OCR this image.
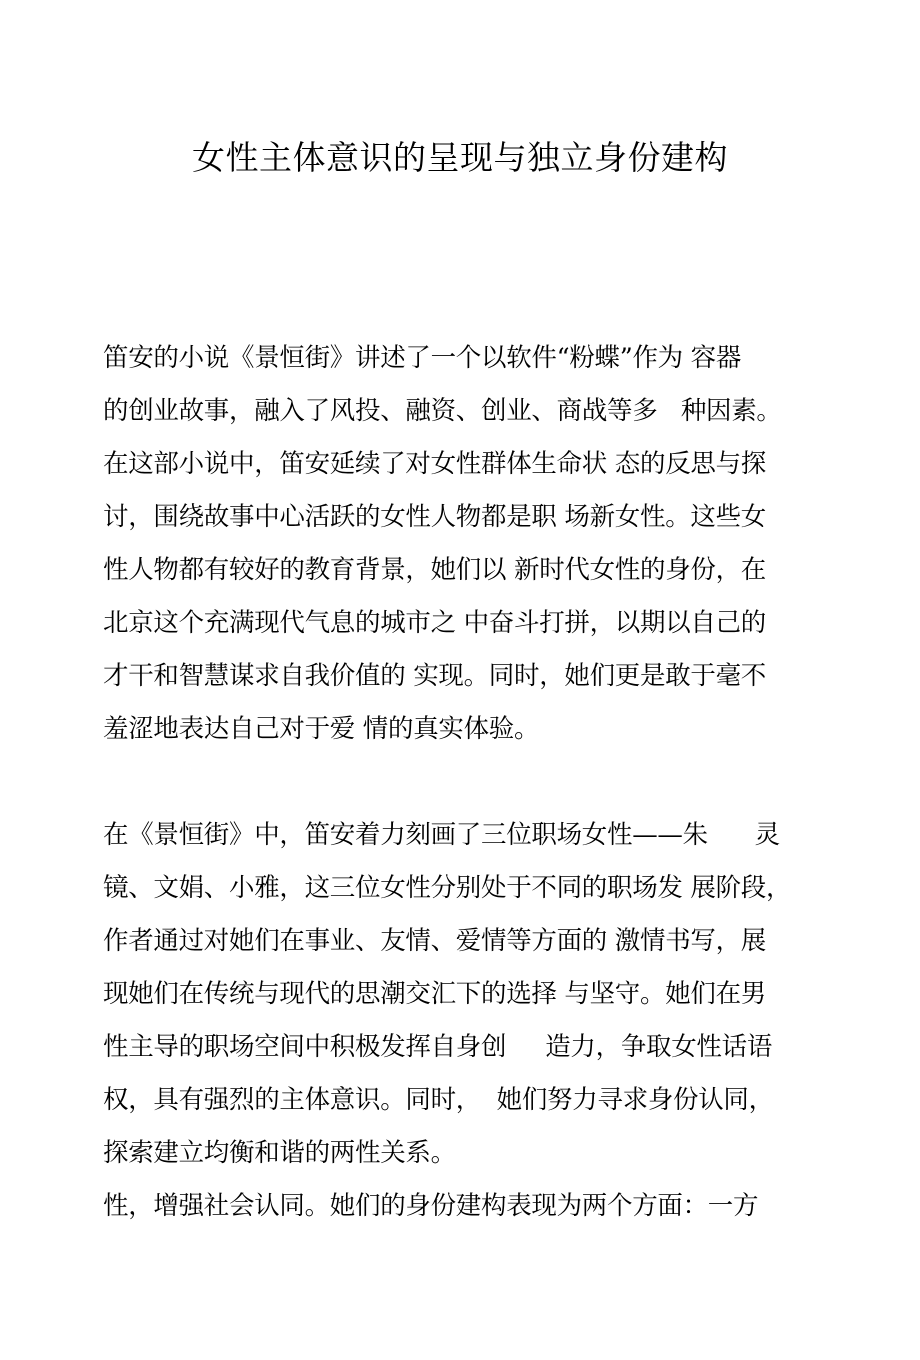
女性主体意识的呈现与独立身份建构
笛安的小说《景恒街》讲述了一个以软件“粉蝶”作为 容器
的创业故事，融入了风投、融资、创业、商战等多   种因素。
在这部小说中，笛安延续了对女性群体生命状 态的反思与探
讨，围绕故事中心活跃的女性人物都是职 场新女性。这些女
性人物都有较好的教育背景，她们以 新时代女性的身份，在
北京这个充满现代气息的城市之 中奋斗打拼，以期以自己的
才干和智慧谋求自我价值的 实现。同时，她们更是敢于毫不
羞涩地表达自己对于爱 情的真实体验。
在《景恒街》中，笛安着力刻画了三位职场女性——朱      灵
镜、文娟、小雅，这三位女性分别处于不同的职场发 展阶段，
作者通过对她们在事业、友情、爱情等方面的 激情书写，展
现她们在传统与现代的思潮交汇下的选择 与坚守。她们在男
性主导的职场空间中积极发挥自身创     造力，争取女性话语
权，具有强烈的主体意识。同时，  她们努力寻求身份认同，
探索建立均衡和谐的两性关系。
性，增强社会认同。她们的身份建构表现为两个方面：一方
